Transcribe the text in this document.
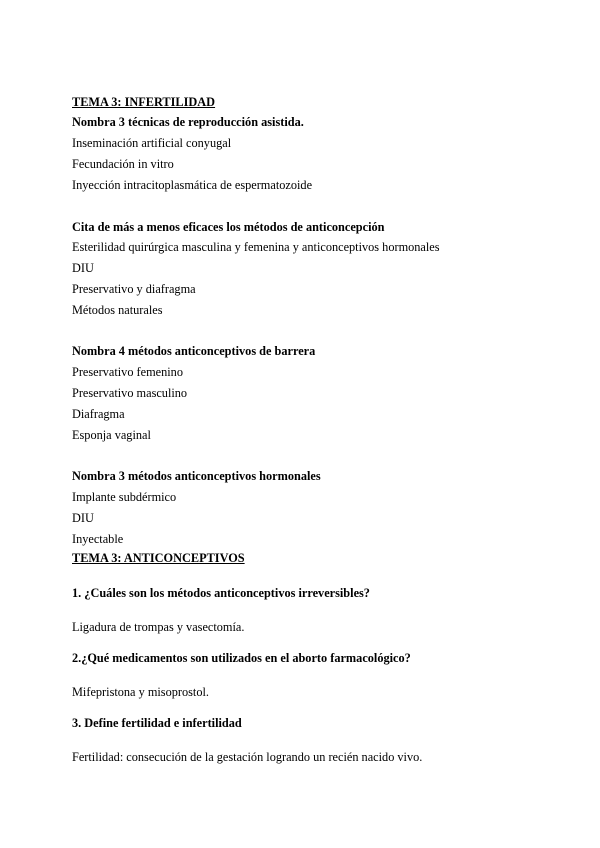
TEMA 3: INFERTILIDAD
Nombra 3 técnicas de reproducción asistida.
Inseminación artificial conyugal
Fecundación in vitro
Inyección intracitoplasmática de espermatozoide
Cita de más a menos eficaces los métodos de anticoncepción
Esterilidad quirúrgica masculina y femenina y anticonceptivos hormonales
DIU
Preservativo y diafragma
Métodos naturales
Nombra 4 métodos anticonceptivos de barrera
Preservativo femenino
Preservativo masculino
Diafragma
Esponja vaginal
Nombra 3 métodos anticonceptivos hormonales
Implante subdérmico
DIU
Inyectable
TEMA 3: ANTICONCEPTIVOS
1. ¿Cuáles son los métodos anticonceptivos irreversibles?
Ligadura de trompas y vasectomía.
2.¿Qué medicamentos son utilizados en el aborto farmacológico?
Mifepristona y misoprostol.
3. Define fertilidad e infertilidad
Fertilidad: consecución de la gestación logrando un recién nacido vivo.
